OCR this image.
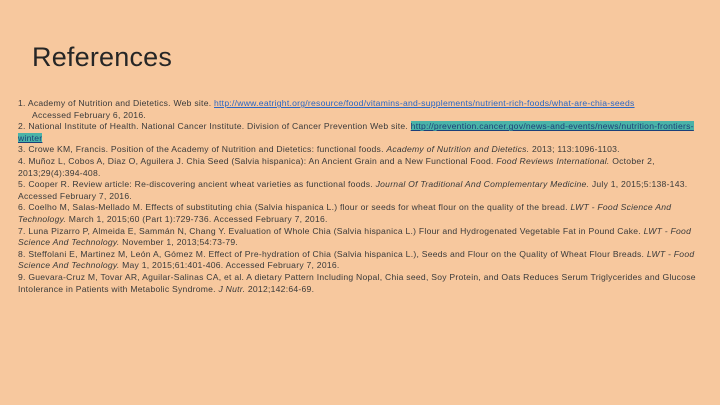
References

1. Academy of Nutrition and Dietetics. Web site. http://www.eatright.org/resource/food/vitamins-and-supplements/nutrient-rich-foods/what-are-chia-seeds
Accessed February 6, 2016.

2. National Institute of Health. National Cancer Institute. Division of Cancer Prevention Web site. http://prevention.cancer.gov/news-and-events/news/nutrition-frontiers-winter

3. Crowe KM, Francis. Position of the Academy of Nutrition and Dietetics: functional foods. Academy of Nutrition and Dietetics. 2013; 113:1096-1103.

4. Muñoz L, Cobos A, Diaz O, Aguilera J. Chia Seed (Salvia hispanica): An Ancient Grain and a New Functional Food. Food Reviews International. October 2, 2013;29(4):394-408.

5. Cooper R. Review article: Re-discovering ancient wheat varieties as functional foods. Journal Of Traditional And Complementary Medicine. July 1, 2015;5:138-143. Accessed February 7, 2016.

6. Coelho M, Salas-Mellado M. Effects of substituting chia (Salvia hispanica L.) flour or seeds for wheat flour on the quality of the bread. LWT - Food Science And Technology. March 1, 2015;60 (Part 1):729-736. Accessed February 7, 2016.

7. Luna Pizarro P, Almeida E, Sammán N, Chang Y. Evaluation of Whole Chia (Salvia hispanica L.) Flour and Hydrogenated Vegetable Fat in Pound Cake. LWT - Food Science And Technology. November 1, 2013;54:73-79.

8. Steffolani E, Martinez M, León A, Gómez M. Effect of Pre-hydration of Chia (Salvia hispanica L.), Seeds and Flour on the Quality of Wheat Flour Breads. LWT - Food Science And Technology. May 1, 2015;61:401-406. Accessed February 7, 2016.

9. Guevara-Cruz M, Tovar AR, Aguilar-Salinas CA, et al. A dietary Pattern Including Nopal, Chia seed, Soy Protein, and Oats Reduces Serum Triglycerides and Glucose Intolerance in Patients with Metabolic Syndrome. J Nutr. 2012;142:64-69.
